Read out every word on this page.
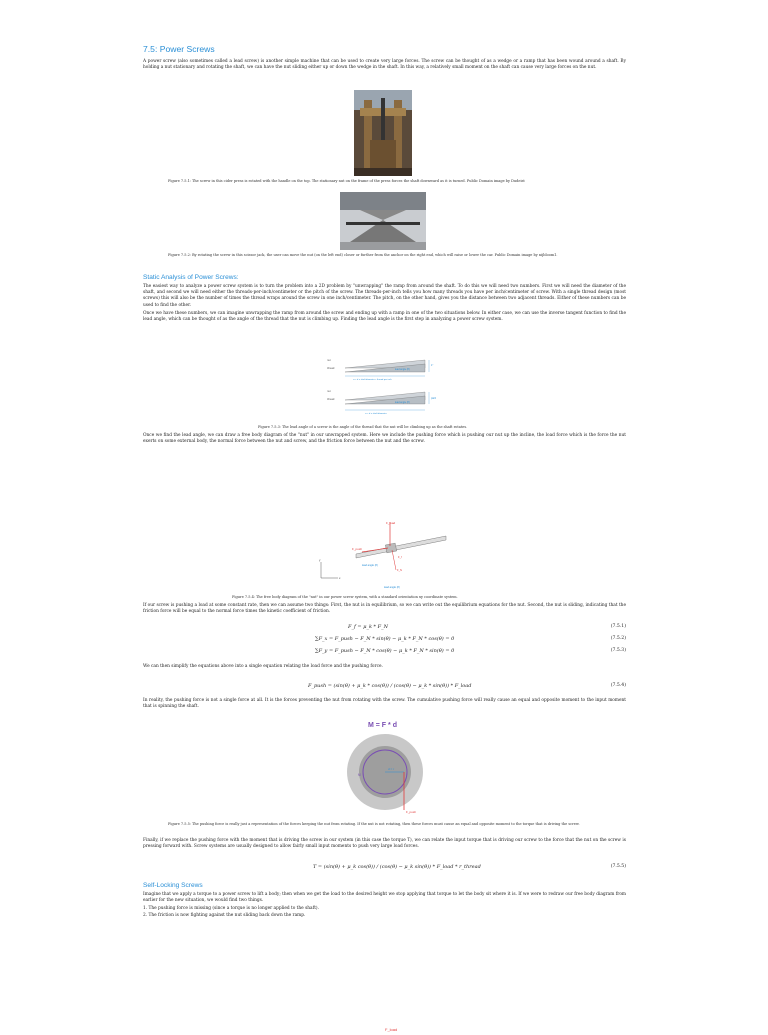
7.5: Power Screws

A power screw (also sometimes called a lead screw) is another simple machine that can be used to create very large forces. The screw can be thought of as a wedge or a ramp that has been wound around a shaft. By holding a nut stationary and rotating the shaft, we can have the nut sliding either up or down the wedge in the shaft. In this way, a relatively small moment on the shaft can cause very large forces on the nut.

Figure 7.5.1: The screw in this cider press is rotated with the handle on the top. The stationary nut on the frame of the press forces the shaft downward as it is turned. Public Domain image by Dudeist
Figure 7.5.2: By rotating the screw in this scissor jack, the user can move the nut (on the left end) closer or further from the anchor on the right end, which will raise or lower the car. Public Domain image by nijbloom1.
Static Analysis of Power Screws:

The easiest way to analyze a power screw system is to turn the problem into a 2D problem by "unwrapping" the ramp from around the shaft. To do this we will need two numbers. First we will need the diameter of the shaft, and second we will need either the threads-per-inch/centimeter or the pitch of the screw. The threads-per-inch tells you how many threads you have per inch/centimeter of screw. With a single thread design (most screws) this will also be the number of times the thread wraps around the screw in one inch/centimeter. The pitch, on the other hand, gives you the distance between two adjacent threads. Either of these numbers can be used to find the other.

Once we have these numbers, we can imagine unwrapping the ramp from around the screw and ending up with a ramp in one of the two situations below. In either case, we can use the inverse tangent function to find the lead angle, which can be thought of as the angle of the thread that the nut is climbing up. Finding the lead angle is the first step in analyzing a power screw system.

nut
thread	lead angle (θ)
1"
π × d = shaft diameter × thread per inch
nut
thread
lead angle (θ)
pitch
π × d = shaft diameter
Figure 7.5.3: The lead angle of a screw is the angle of the thread that the nut will be climbing up as the shaft rotates.

Once we find the lead angle, we can draw a free body diagram of the "nut" in our unwrapped system. Here we include the pushing force which is pushing our nut up the incline, the load force which is the force the nut exerts on some external body, the normal force between the nut and screw, and the friction force between the nut and the screw.

F_load
F_push
F_N
F_f
lead angle (θ)
lead angle (θ)
y
x
Figure 7.5.4: The free body diagram of the "nut" in our power screw system, with a standard orientation xy coordinate system.

If our screw is pushing a load at some constant rate, then we can assume two things: First, the nut is in equilibrium, so we can write out the equilibrium equations for the nut. Second, the nut is sliding, indicating that the friction force will be equal to the normal force times the kinetic coefficient of friction.

F_f = μ_k * F_N	(7.5.1)
∑F_x = F_push − F_N * sin(θ) − μ_k * F_N * cos(θ) = 0	(7.5.2)
∑F_y = F_push − F_N * cos(θ) − μ_k * F_N * sin(θ) = 0	(7.5.3)

We can then simplify the equations above into a single equation relating the load force and the pushing force.

F_push = (sin(θ) + μ_k * cos(θ)) / (cos(θ) − μ_k * sin(θ)) * F_load	(7.5.4)

In reality, the pushing force is not a single force at all. It is the forces preventing the nut from rotating with the screw. The cumulative pushing force will really cause an equal and opposite moment to the input moment that is spinning the shaft.

M = F * d
d = r
M
F_push
Figure 7.5.5: The pushing force is really just a representation of the forces keeping the nut from rotating. If the nut is not rotating, then these forces must cause an equal and opposite moment to the torque that is driving the screw.

Finally, if we replace the pushing force with the moment that is driving the screw in our system (in this case the torque T), we can relate the input torque that is driving our screw to the force that the nut on the screw is pressing forward with. Screw systems are usually designed to allow fairly small input moments to push very large load forces.

T = (sin(θ) + μ_k cos(θ)) / (cos(θ) − μ_k sin(θ)) * F_load * r_thread	(7.5.5)
Self-Locking Screws

Imagine that we apply a torque to a power screw to lift a body; then when we get the load to the desired height we stop applying that torque to let the body sit where it is. If we were to redraw our free body diagram from earlier for the new situation, we would find two things.

1. The pushing force is missing (since a torque is no longer applied to the shaft).
2. The friction is now fighting against the nut sliding back down the ramp.
F_load
